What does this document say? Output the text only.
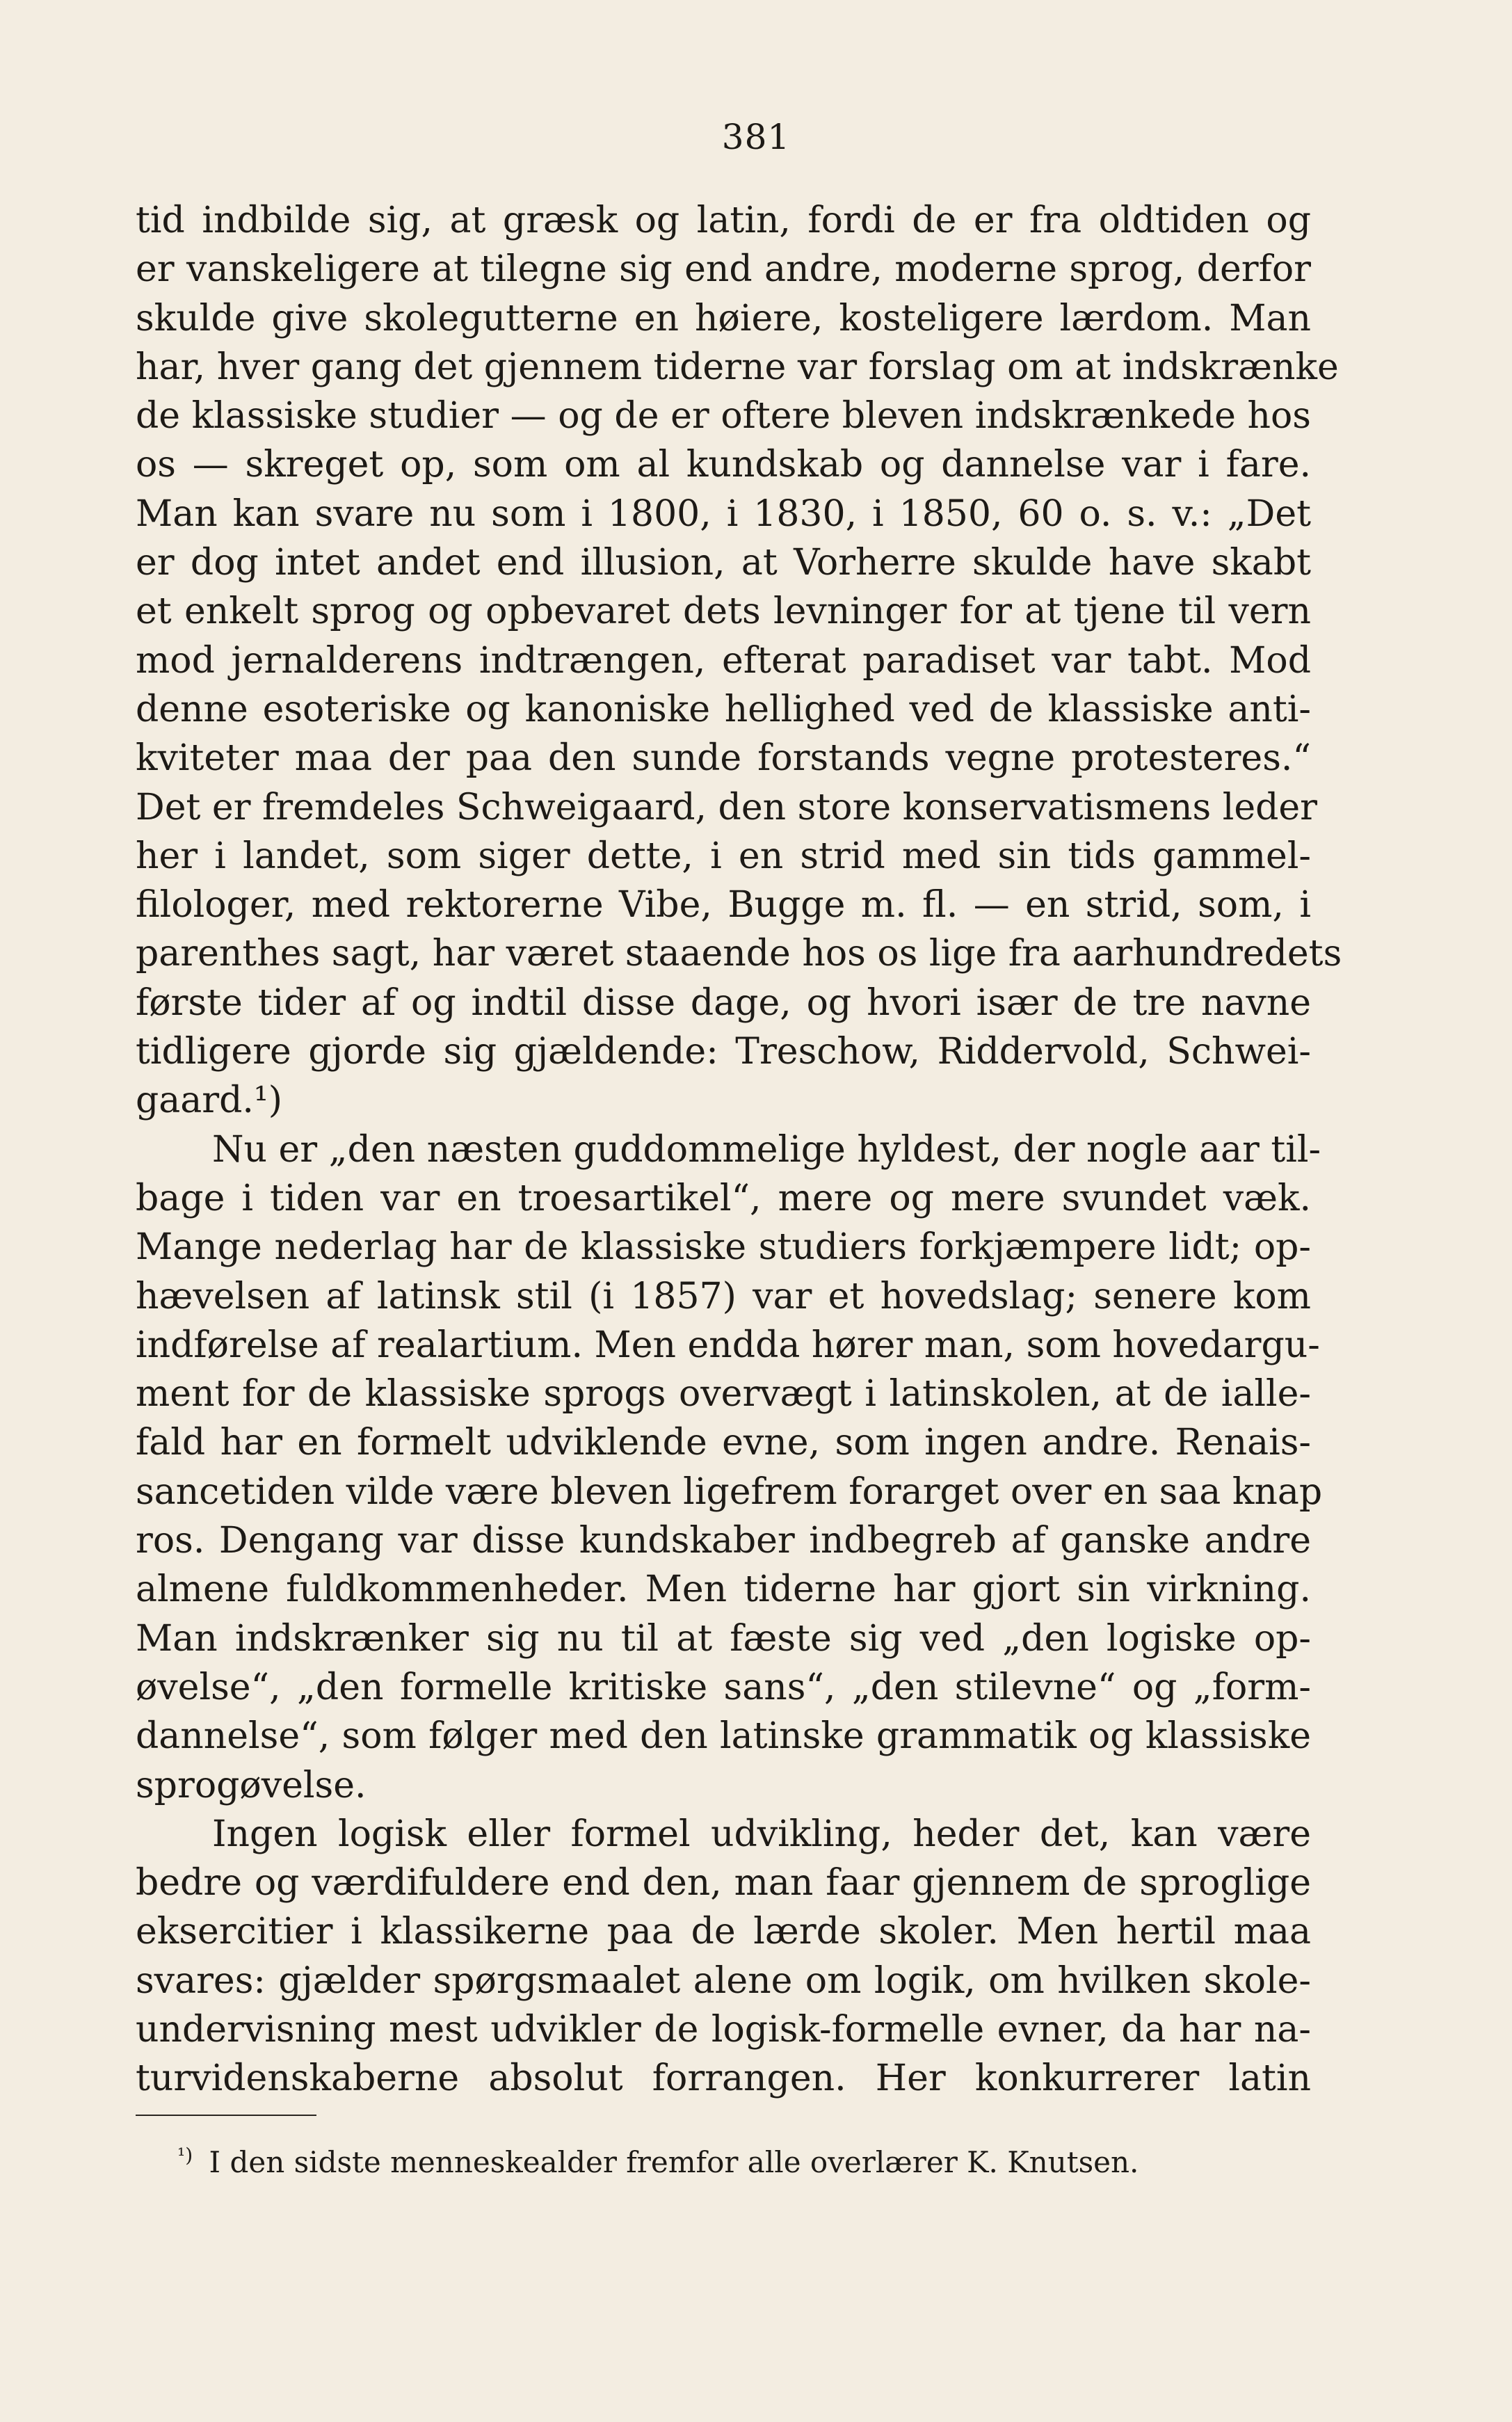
381
tid indbilde sig, at græsk og latin, fordi de er fra oldtiden og
er vanskeligere at tilegne sig end andre, moderne sprog, derfor
skulde give skolegutterne en høiere, kosteligere lærdom. Man
har, hver gang det gjennem tiderne var forslag om at indskrænke
de klassiske studier — og de er oftere bleven indskrænkede hos
os — skreget op, som om al kundskab og dannelse var i fare.
Man kan svare nu som i 1800, i 1830, i 1850, 60 o. s. v.: „Det
er dog intet andet end illusion, at Vorherre skulde have skabt
et enkelt sprog og opbevaret dets levninger for at tjene til vern
mod jernalderens indtrængen, efterat paradiset var tabt. Mod
denne esoteriske og kanoniske hellighed ved de klassiske anti-
kviteter maa der paa den sunde forstands vegne protesteres.“
Det er fremdeles Schweigaard, den store konservatismens leder
her i landet, som siger dette, i en strid med sin tids gammel-
filologer, med rektorerne Vibe, Bugge m. fl. — en strid, som, i
parenthes sagt, har været staaende hos os lige fra aarhundredets
første tider af og indtil disse dage, og hvori især de tre navne
tidligere gjorde sig gjældende: Treschow, Riddervold, Schwei-
gaard.¹)
Nu er „den næsten guddommelige hyldest, der nogle aar til-
bage i tiden var en troesartikel“, mere og mere svundet væk.
Mange nederlag har de klassiske studiers forkjæmpere lidt; op-
hævelsen af latinsk stil (i 1857) var et hovedslag; senere kom
indførelse af realartium. Men endda hører man, som hovedargu-
ment for de klassiske sprogs overvægt i latinskolen, at de ialle-
fald har en formelt udviklende evne, som ingen andre. Renais-
sancetiden vilde være bleven ligefrem forarget over en saa knap
ros. Dengang var disse kundskaber indbegreb af ganske andre
almene fuldkommenheder. Men tiderne har gjort sin virkning.
Man indskrænker sig nu til at fæste sig ved „den logiske op-
øvelse“, „den formelle kritiske sans“, „den stilevne“ og „form-
dannelse“, som følger med den latinske grammatik og klassiske
sprogøvelse.
Ingen logisk eller formel udvikling, heder det, kan være
bedre og værdifuldere end den, man faar gjennem de sproglige
eksercitier i klassikerne paa de lærde skoler. Men hertil maa
svares: gjælder spørgsmaalet alene om logik, om hvilken skole-
undervisning mest udvikler de logisk-formelle evner, da har na-
turvidenskaberne absolut forrangen. Her konkurrerer latin
$^{^1)}$ I den sidste menneskealder fremfor alle overlærer K. Knutsen.
